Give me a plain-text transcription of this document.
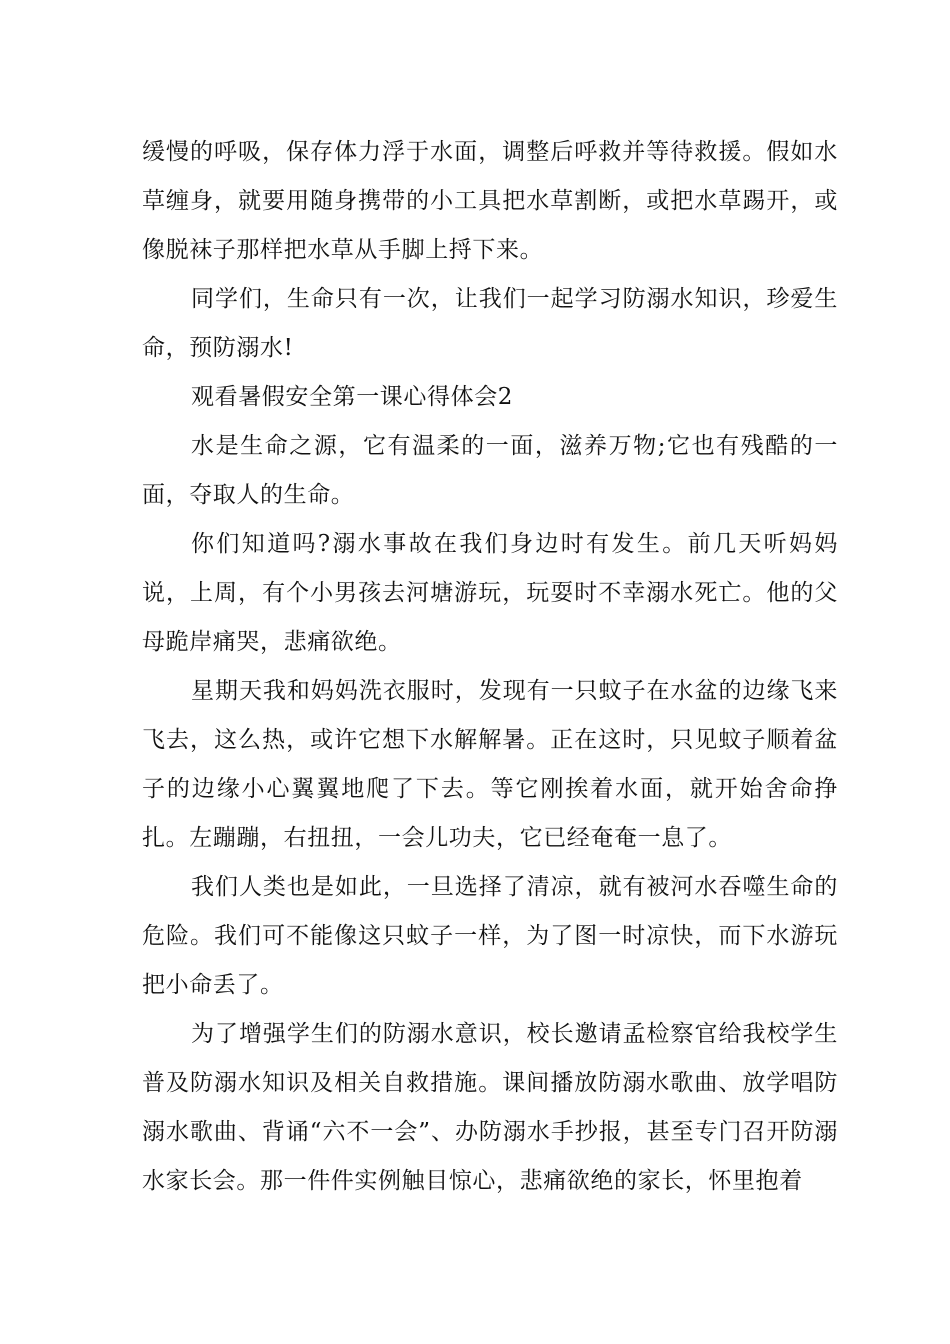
缓慢的呼吸，保存体力浮于水面，调整后呼救并等待救援。假如水草缠身，就要用随身携带的小工具把水草割断，或把水草踢开，或像脱袜子那样把水草从手脚上捋下来。

同学们，生命只有一次，让我们一起学习防溺水知识，珍爱生命，预防溺水!

观看暑假安全第一课心得体会2

水是生命之源，它有温柔的一面，滋养万物;它也有残酷的一面，夺取人的生命。

你们知道吗?溺水事故在我们身边时有发生。前几天听妈妈说，上周，有个小男孩去河塘游玩，玩耍时不幸溺水死亡。他的父母跪岸痛哭，悲痛欲绝。

星期天我和妈妈洗衣服时，发现有一只蚊子在水盆的边缘飞来飞去，这么热，或许它想下水解解暑。正在这时，只见蚊子顺着盆子的边缘小心翼翼地爬了下去。等它刚挨着水面，就开始舍命挣扎。左蹦蹦，右扭扭，一会儿功夫，它已经奄奄一息了。

我们人类也是如此，一旦选择了清凉，就有被河水吞噬生命的危险。我们可不能像这只蚊子一样，为了图一时凉快，而下水游玩把小命丢了。

为了增强学生们的防溺水意识，校长邀请孟检察官给我校学生普及防溺水知识及相关自救措施。课间播放防溺水歌曲、放学唱防溺水歌曲、背诵“六不一会”、办防溺水手抄报，甚至专门召开防溺水家长会。那一件件实例触目惊心，悲痛欲绝的家长，怀里抱着
